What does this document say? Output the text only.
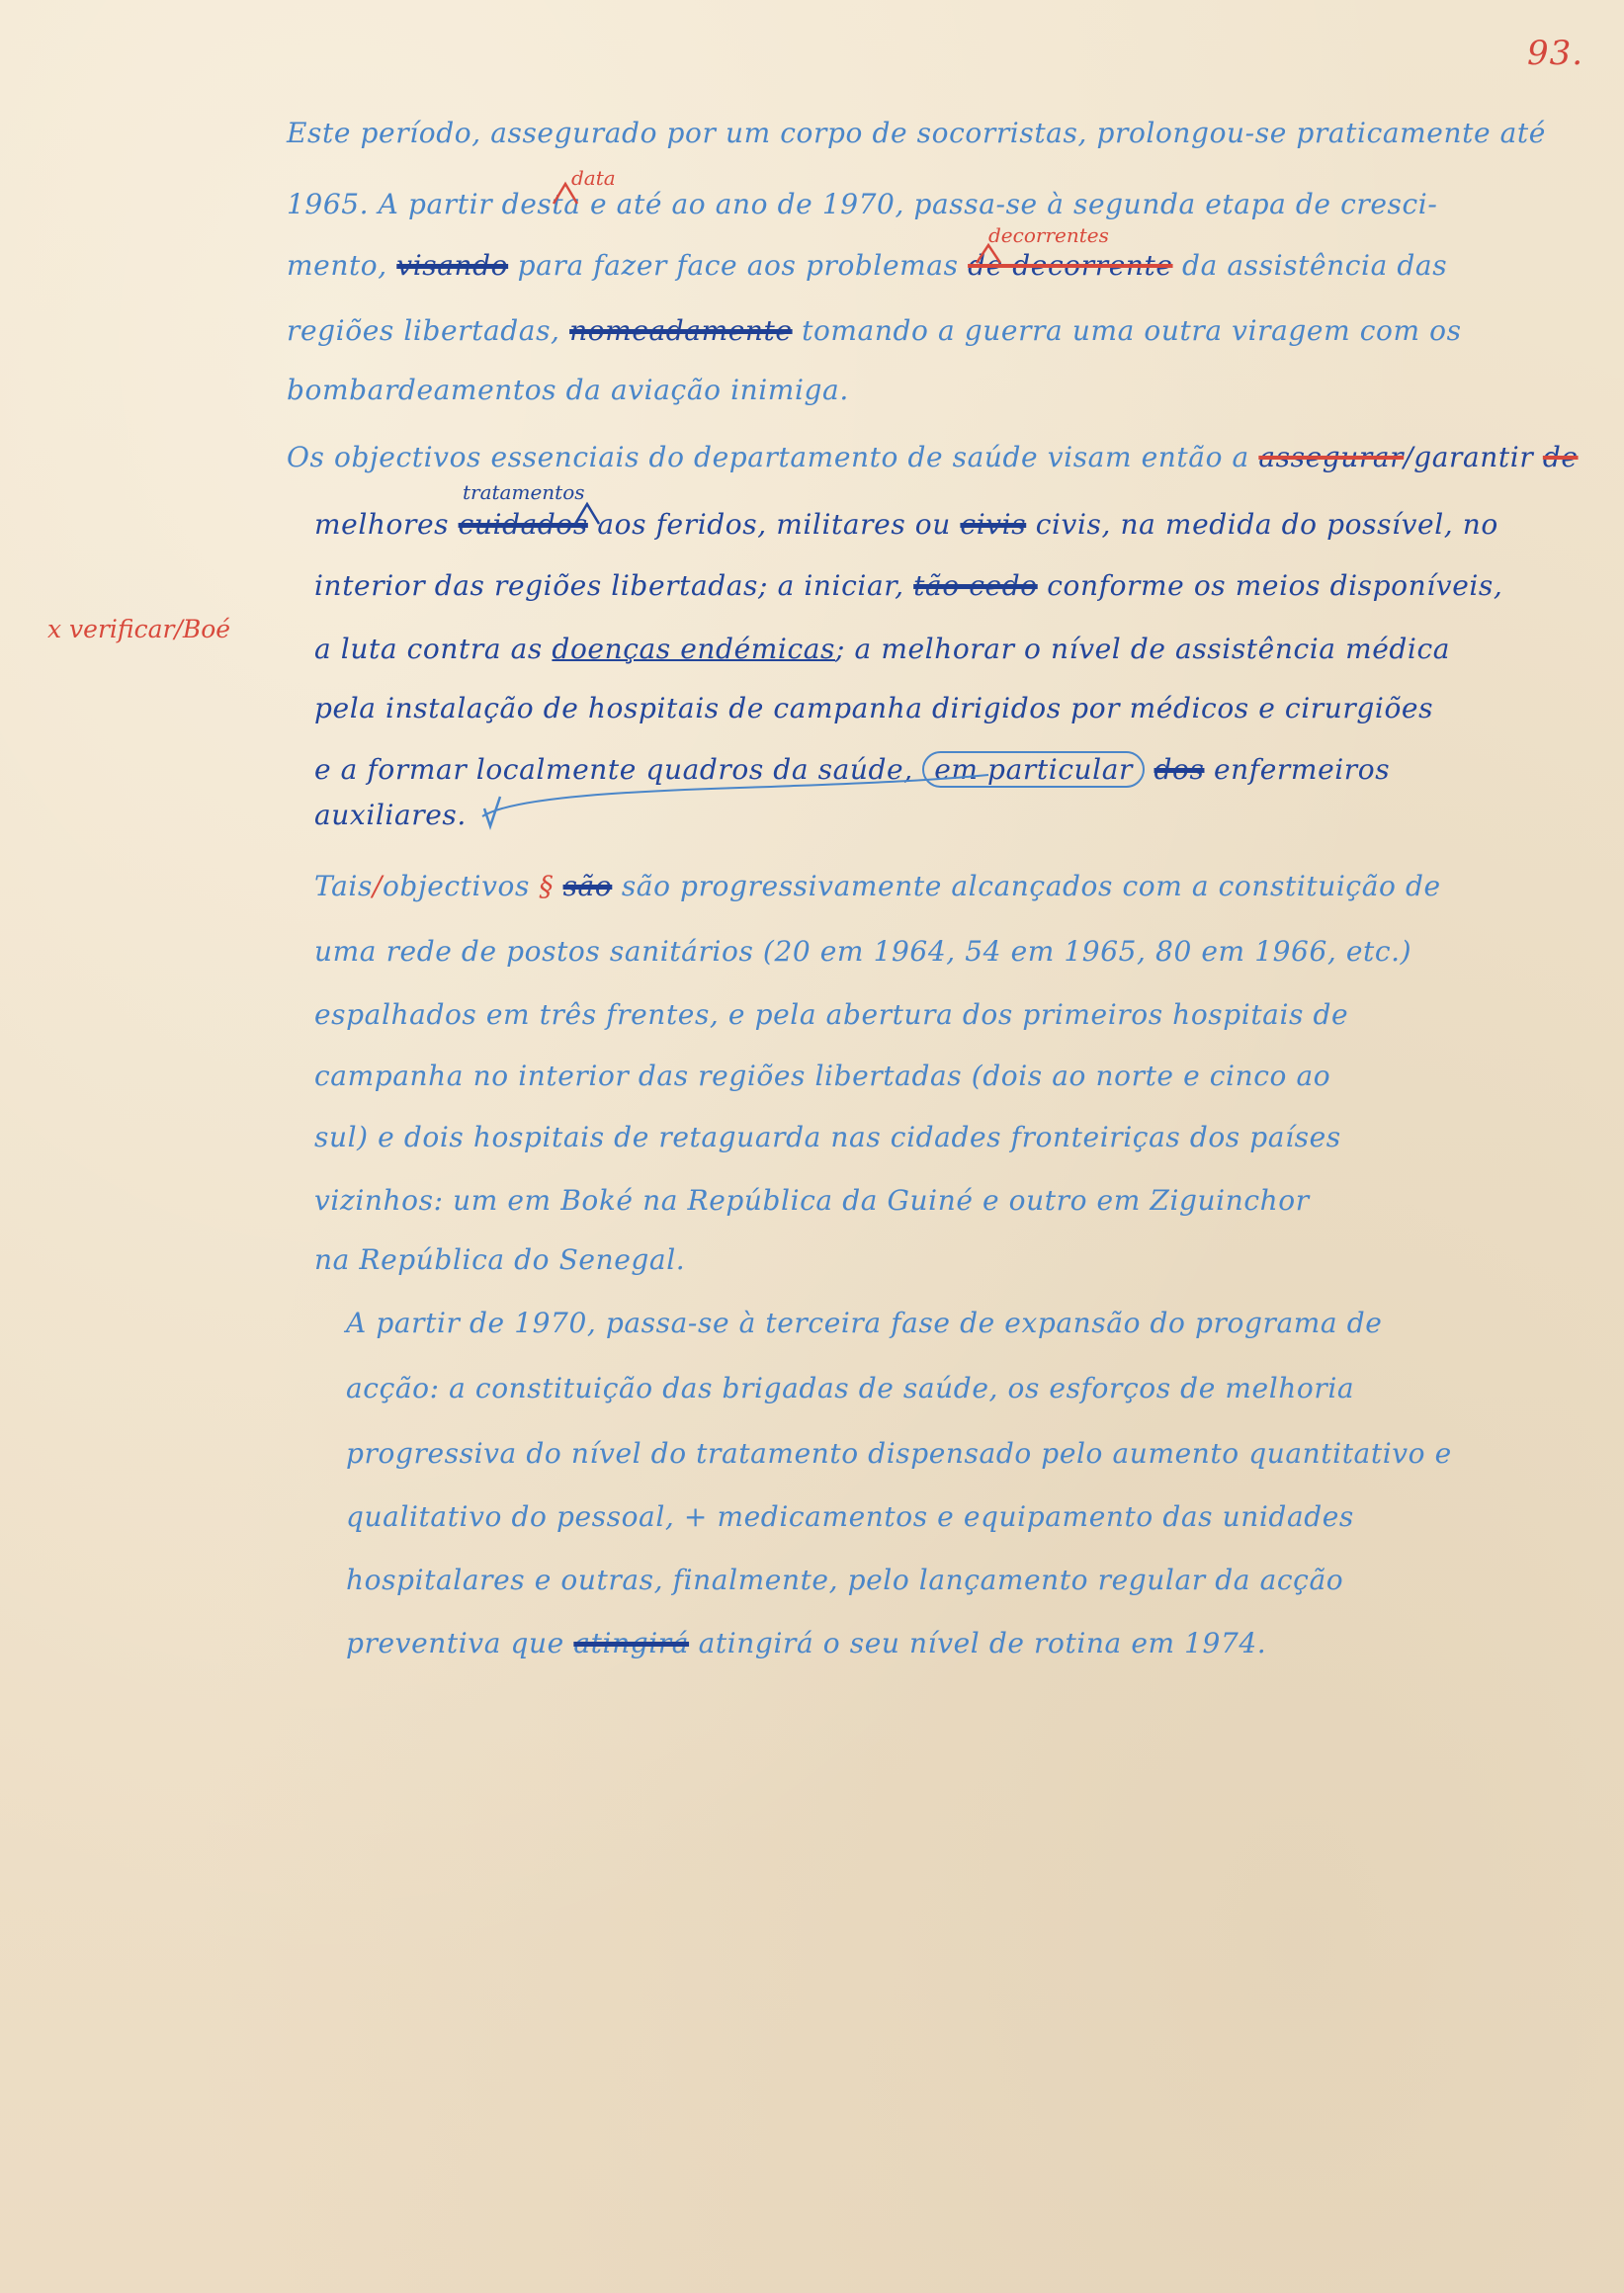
93.
x verificar/Boé
Este período, assegurado por um corpo de socorristas, prolongou-se praticamente até
1965. A partir desta e até ao ano de 1970, passa-se à segunda etapa de cresci-
data
mento, visando para fazer face aos problemas de decorrente da assistência das
decorrentes
regiões libertadas, nomeadamente tomando a guerra uma outra viragem com os
bombardeamentos da aviação inimiga.
Os objectivos essenciais do departamento de saúde visam então a assegurar/garantir de
melhores cuidados aos feridos, militares ou civis civis, na medida do possível, no
tratamentos
interior das regiões libertadas; a iniciar, tão cedo conforme os meios disponíveis,
a luta contra as doenças endémicas; a melhorar o nível de assistência médica
pela instalação de hospitais de campanha dirigidos por médicos e cirurgiões
e a formar localmente quadros da saúde, em particular dos enfermeiros
auxiliares.
Tais/objectivos § são são progressivamente alcançados com a constituição de
uma rede de postos sanitários (20 em 1964, 54 em 1965, 80 em 1966, etc.)
espalhados em três frentes, e pela abertura dos primeiros hospitais de
campanha no interior das regiões libertadas (dois ao norte e cinco ao
sul) e dois hospitais de retaguarda nas cidades fronteiriças dos países
vizinhos: um em Boké na República da Guiné e outro em Ziguinchor
na República do Senegal.
A partir de 1970, passa-se à terceira fase de expansão do programa de
acção: a constituição das brigadas de saúde, os esforços de melhoria
progressiva do nível do tratamento dispensado pelo aumento quantitativo e
qualitativo do pessoal, + medicamentos e equipamento das unidades
hospitalares e outras, finalmente, pelo lançamento regular da acção
preventiva que atingirá atingirá o seu nível de rotina em 1974.
